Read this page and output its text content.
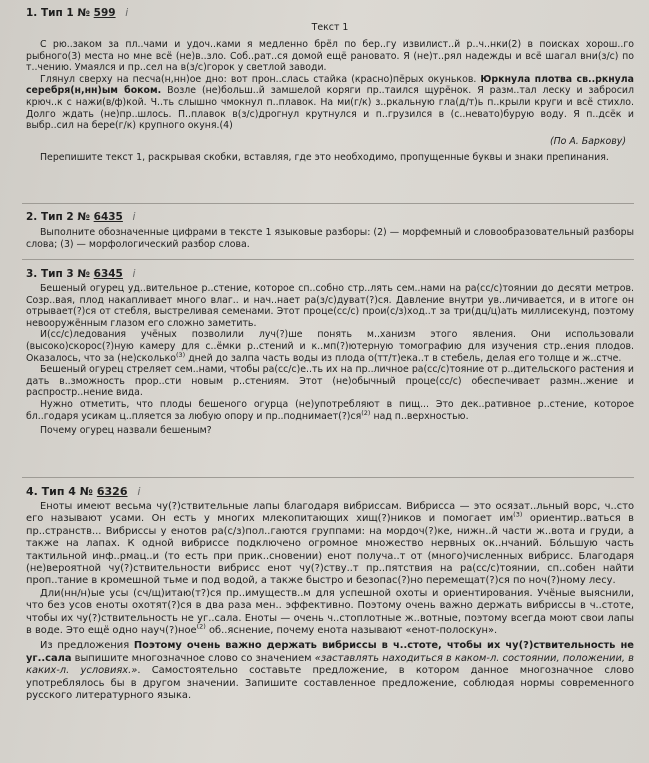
1. Тип 1 № 599 i
Текст 1

С рю..заком за пл..чами и удоч..ками я медленно брёл по бер..гу извилист..й р..ч..нки(2) в поисках хорош..го рыбного(3) места но мне всё (не)в..зло. Соб..рат..ся домой ещё рановато. Я (не)т..рял надежды и всё шагал вни(з/с) по т..чению. Умаялся и пр..сел на в(з/с)горок у светлой заводи.

Глянул сверху на песча(н,нн)ое дно: вот прон..слась стайка (красно)пёрых окуньков. Юркнула плотва св..ркнула серебря(н,нн)ым боком. Возле (не)больш..й замшелой коряги пр..таился щурёнок. Я разм..тал леску и забросил крюч..к с нажи(в/ф)кой. Ч..ть слышно чмокнул п..плавок. На ми(г/к) з..ркальную гла(д/т)ь п..крыли круги и всё стихло. Долго ждать (не)пр..шлось. П..плавок в(з/с)дрогнул крутнулся и п..грузился в (с..невато)бурую воду. Я п..дсёк и выбр..сил на бере(г/к) крупного окуня.(4)

(По А. Баркову)

Перепишите текст 1, раскрывая скобки, вставляя, где это необходимо, пропущенные буквы и знаки препинания.

2. Тип 2 № 6435 i

Выполните обозначенные цифрами в тексте 1 языковые разборы: (2) — морфемный и словообразовательный разборы слова; (3) — морфологический разбор слова.

3. Тип 3 № 6345 i

Бешеный огурец уд..вительное р..стение, которое сп..собно стр..лять сем..нами на ра(сс/с)тоянии до десяти метров. Созр..вая, плод накапливает много влаг.. и нач..нает ра(з/с)дуват(?)ся. Давление внутри ув..личивается, и в итоге он отрывает(?)ся от стебля, выстреливая семенами. Этот проце(сс/с) прои(с/з)ход..т за три(дц/ц)ать миллисекунд, поэтому невооружённым глазом его сложно заметить.

И(сс/с)ледования учёных позволили луч(?)ше понять м..ханизм этого явления. Они использовали (высоко)скорос(?)ную камеру для с..ёмки р..стений и к..мп(?)ютерную томографию для изучения стр..ения плодов. Оказалось, что за (не)сколько$^{(3)}$ дней до залпа часть воды из плода о(тт/т)ека..т в стебель, делая его толще и ж..стче.

Бешеный огурец стреляет сем..нами, чтобы ра(сс/с)е..ть их на пр..личное ра(сс/с)тояние от р..дительского растения и дать в..зможность прор..сти новым р..стениям. Этот (не)обычный проце(сс/с) обеспечивает размн..жение и распростр..нение вида.

Нужно отметить, что плоды бешеного огурца (не)употребляют в пищ... Это дек..ративное р..стение, которое бл..годаря усикам ц..пляется за любую опору и $пр..поднимает(?)ся^{(2)}$ над п..верхностью.

Почему огурец назвали бешеным?

4. Тип 4 № 6326 i

Еноты имеют весьма чу(?)ствительные лапы благодаря вибриссам. Вибрисса — это осязат..льный ворс, ч..сто его называют усами. Он есть у многих млекопитающих хищ(?)ников и помогает $им^{(3)}$ ориентир..ваться в пр..странств... Вибриссы у енотов ра(с/з)пол..гаются группами: на мордоч(?)ке, нижн..й части ж..вота и груди, а также на лапах. К одной вибриссе подключено огромное множество нервных ок..нчаний. Бо́льшую часть тактильной инф..рмац..и (то есть при прик..сновении) енот получа..т от (много)численных вибрисс. Благодаря (не)вероятной чу(?)ствительности вибрисс енот чу(?)ству..т пр..пятствия на ра(сс/с)тоянии, сп..собен найти проп..тание в кромешной тьме и под водой, а также быстро и безопас(?)но перемещат(?)ся по ноч(?)ному лесу.

Дли(нн/н)ые усы (сч/щ)итаю(т?)ся пр..имуществ..м для успешной охоты и ориентирования. Учёные выяснили, что без усов еноты охотят(?)ся в два раза мен.. эффективно. Поэтому очень важно держать вибриссы в ч..стоте, чтобы их чу(?)ствительность не уг..сала. Еноты — очень ч..стоплотные ж..вотные, поэтому всегда моют свои лапы в воде. Это ещё одно науч(?)ное$^{(2)}$ об..яснение, почему енота называют «енот-полоскун».

Из предложения Поэтому очень важно держать вибриссы в ч..стоте, чтобы их чу(?)ствительность не уг..сала выпишите многозначное слово со значением «заставлять находиться в каком-л. состоянии, положении, в каких-л. условиях.». Самостоятельно составьте предложение, в котором данное многозначное слово употреблялось бы в другом значении. Запишите составленное предложение, соблюдая нормы современного русского литературного языка.
